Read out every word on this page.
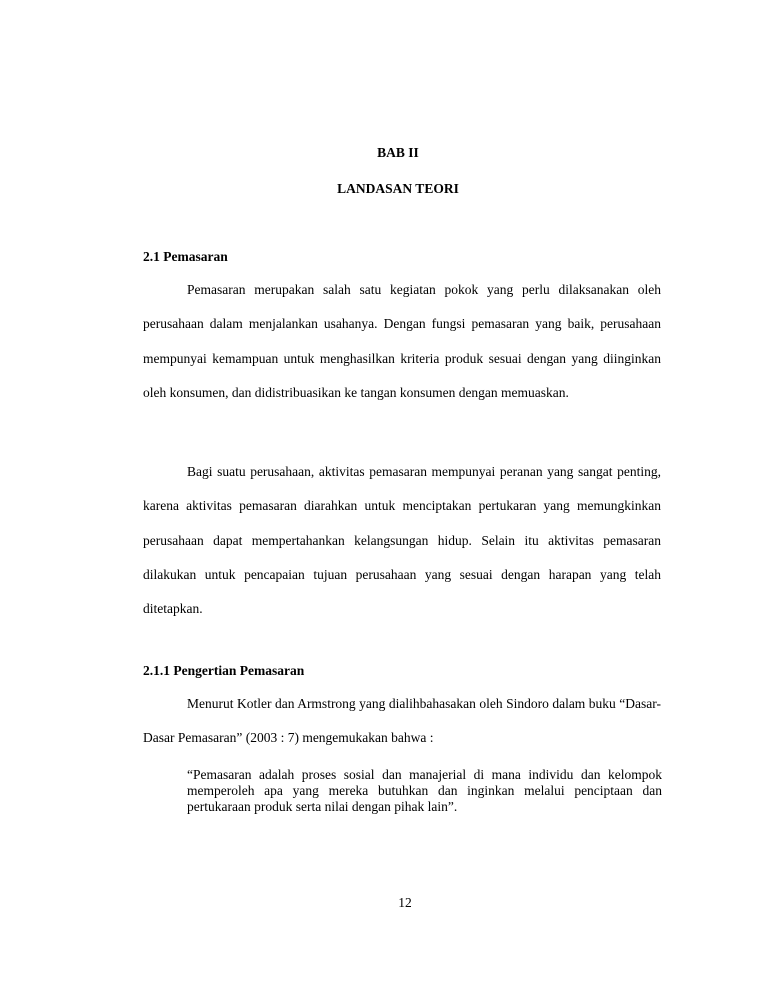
BAB II
LANDASAN TEORI
2.1 Pemasaran

Pemasaran merupakan salah satu kegiatan pokok yang perlu dilaksanakan oleh perusahaan dalam menjalankan usahanya. Dengan fungsi pemasaran yang baik, perusahaan mempunyai kemampuan untuk menghasilkan kriteria produk sesuai dengan yang diinginkan oleh konsumen, dan didistribuasikan ke tangan konsumen dengan memuaskan.

Bagi suatu perusahaan, aktivitas pemasaran mempunyai peranan yang sangat penting, karena aktivitas pemasaran diarahkan untuk menciptakan pertukaran yang memungkinkan perusahaan dapat mempertahankan kelangsungan hidup. Selain itu aktivitas pemasaran dilakukan untuk pencapaian tujuan perusahaan yang sesuai dengan harapan yang telah ditetapkan.

2.1.1 Pengertian Pemasaran

Menurut Kotler dan Armstrong yang dialihbahasakan oleh Sindoro dalam buku “Dasar-Dasar Pemasaran” (2003 : 7) mengemukakan bahwa :

“Pemasaran adalah proses sosial dan manajerial di mana individu dan kelompok memperoleh apa yang mereka butuhkan dan inginkan melalui penciptaan dan pertukaraan produk serta nilai dengan pihak lain”.

12
